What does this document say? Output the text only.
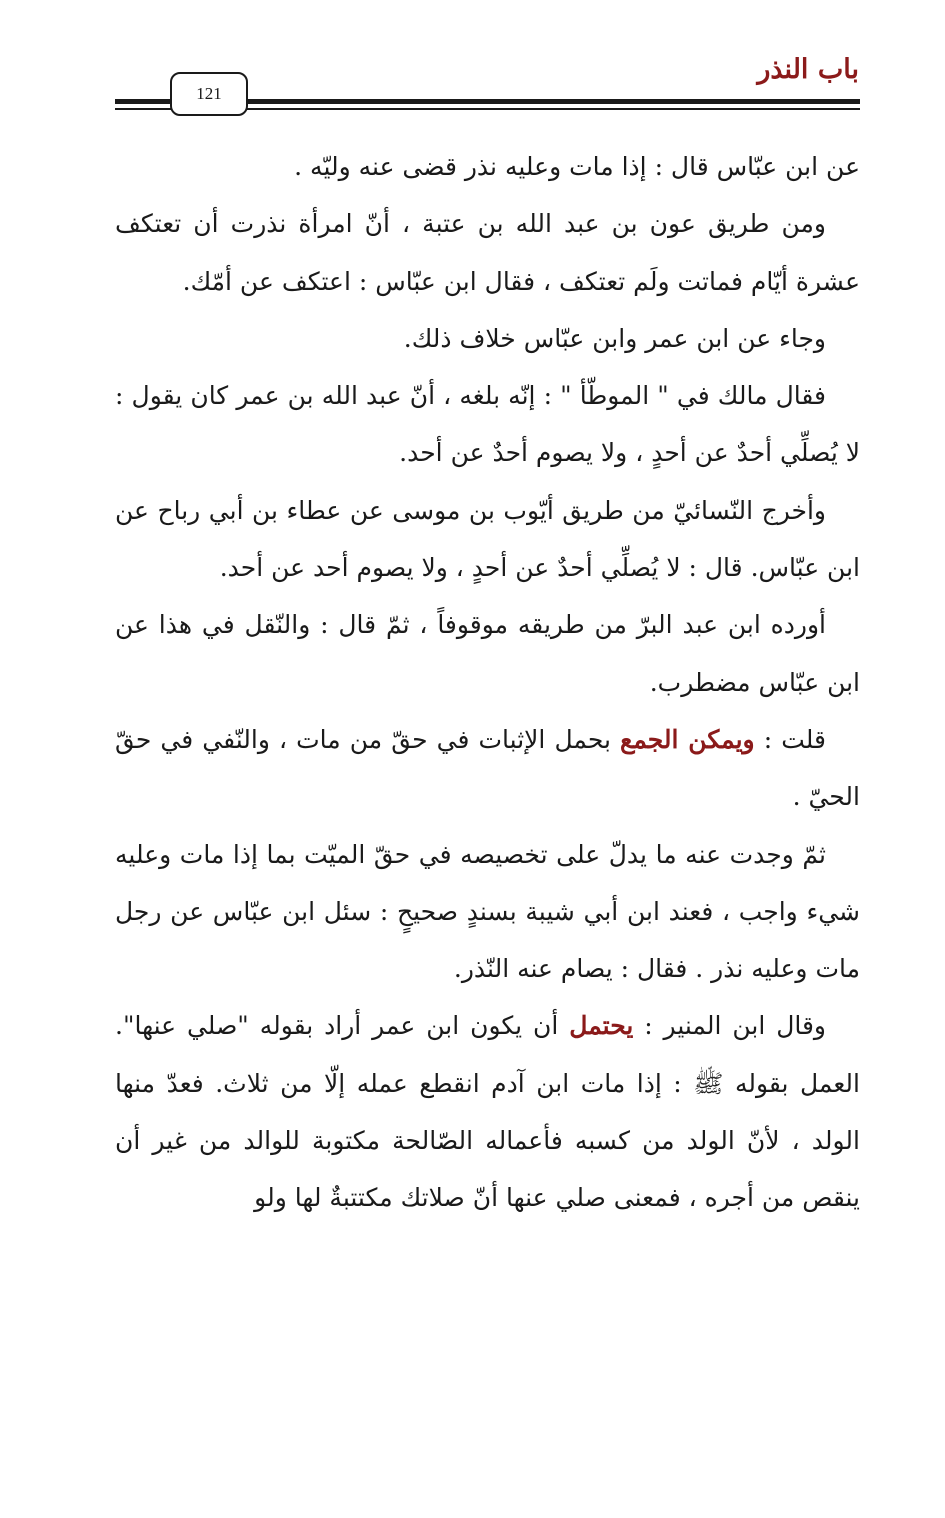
باب النذر
121

عن ابن عبّاس قال : إذا مات وعليه نذر قضى عنه وليّه .

ومن طريق عون بن عبد الله بن عتبة ، أنّ امرأة نذرت أن تعتكف عشرة أيّام فماتت ولَم تعتكف ، فقال ابن عبّاس : اعتكف عن أمّك.

وجاء عن ابن عمر وابن عبّاس خلاف ذلك.

فقال مالك في " الموطّأ " : إنّه بلغه ، أنّ عبد الله بن عمر كان يقول : لا يُصلِّي أحدٌ عن أحدٍ ، ولا يصوم أحدٌ عن أحد.

وأخرج النّسائيّ من طريق أيّوب بن موسى عن عطاء بن أبي رباح عن ابن عبّاس. قال : لا يُصلِّي أحدٌ عن أحدٍ ، ولا يصوم أحد عن أحد.

أورده ابن عبد البرّ من طريقه موقوفاً ، ثمّ قال : والنّقل في هذا عن ابن عبّاس مضطرب.

قلت : ويمكن الجمع بحمل الإثبات في حقّ من مات ، والنّفي في حقّ الحيّ .

ثمّ وجدت عنه ما يدلّ على تخصيصه في حقّ الميّت بما إذا مات وعليه شيء واجب ، فعند ابن أبي شيبة بسندٍ صحيحٍ : سئل ابن عبّاس عن رجل مات وعليه نذر . فقال : يصام عنه النّذر.

وقال ابن المنير : يحتمل أن يكون ابن عمر أراد بقوله "صلي عنها". العمل بقوله ﷺ : إذا مات ابن آدم انقطع عمله إلّا من ثلاث. فعدّ منها الولد ، لأنّ الولد من كسبه فأعماله الصّالحة مكتوبة للوالد من غير أن ينقص من أجره ، فمعنى صلي عنها أنّ صلاتك مكتتبةٌ لها ولو
